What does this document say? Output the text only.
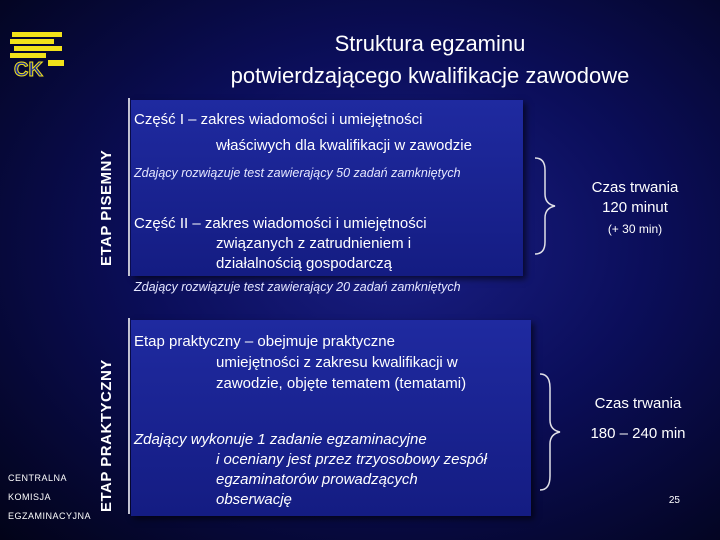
CK
Struktura egzaminu
potwierdzającego kwalifikacje zawodowe
ETAP PISEMNY
ETAP PRAKTYCZNY
Część I – zakres wiadomości i umiejętności
właściwych dla kwalifikacji w zawodzie
Zdający rozwiązuje test zawierający 50 zadań zamkniętych
Część II – zakres wiadomości i umiejętności
związanych z zatrudnieniem i
działalnością gospodarczą
Zdający rozwiązuje test zawierający 20 zadań zamkniętych
Czas trwania
120 minut
(+ 30 min)
Etap praktyczny – obejmuje praktyczne
umiejętności z zakresu kwalifikacji w
zawodzie, objęte tematem (tematami)
Zdający wykonuje 1 zadanie egzaminacyjne
i oceniany jest przez trzyosobowy zespół
egzaminatorów prowadzących
obserwację
Czas trwania
180 – 240 min
CENTRALNA
KOMISJA
EGZAMINACYJNA
25
